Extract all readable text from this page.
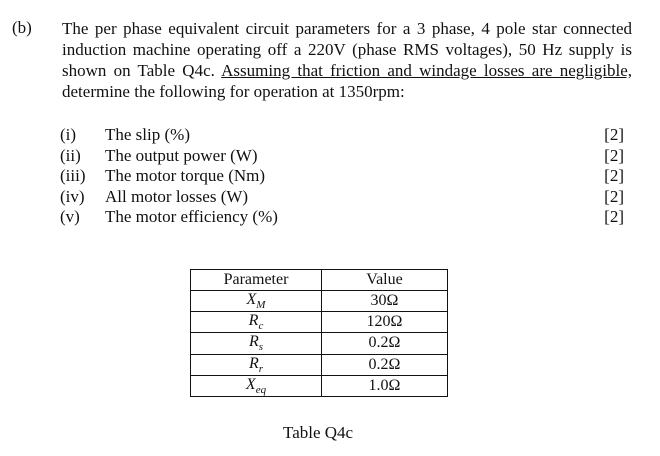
(b) The per phase equivalent circuit parameters for a 3 phase, 4 pole star connected induction machine operating off a 220V (phase RMS voltages), 50 Hz supply is shown on Table Q4c. Assuming that friction and windage losses are negligible, determine the following for operation at 1350rpm:
(i) The slip (%)	[2]
(ii) The output power (W)	[2]
(iii) The motor torque (Nm)	[2]
(iv) All motor losses (W)	[2]
(v) The motor efficiency (%)	[2]
Parameter	Value
$X_M$	30Ω
$R_c$	120Ω
$R_s$	0.2Ω
$R_r$	0.2Ω
$X_{eq}$	1.0Ω
Table Q4c
